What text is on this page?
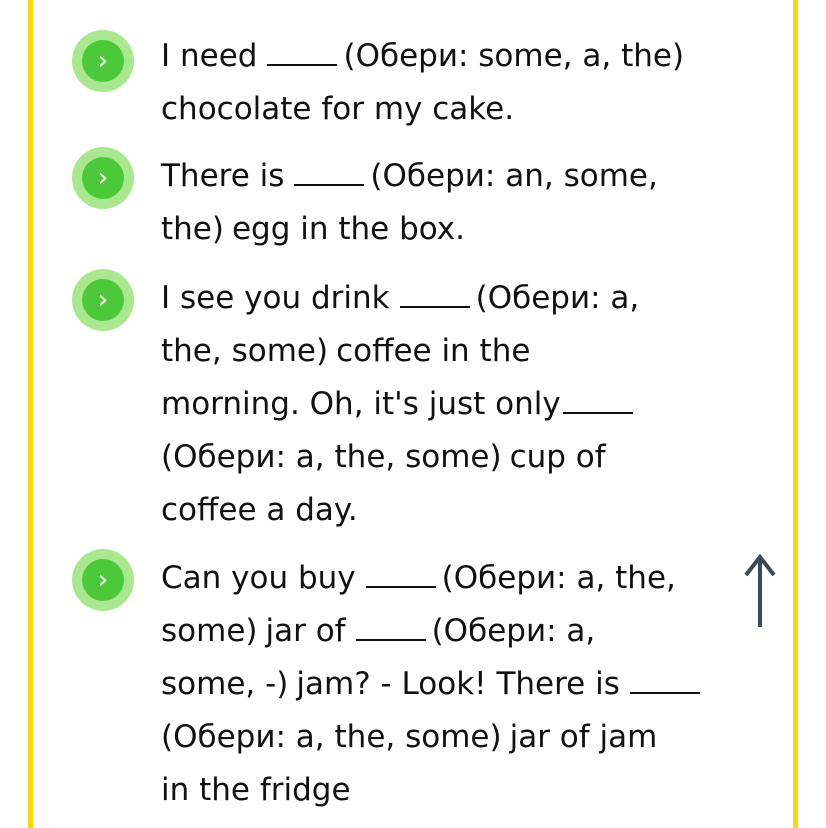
›	I need	(Обери: some, a, the)
chocolate for my cake.
›	There is	(Обери: an, some,
the) egg in the box.
›	I see you drink	(Обери: a,
the, some) coffee in the
morning. Oh, it's just only
(Обери: a, the, some) cup of
coffee a day.
›	Can you buy	(Обери: a, the,
some) jar of	(Обери: a,
some, -) jam? - Look! There is
(Обери: a, the, some) jar of jam
in the fridge
